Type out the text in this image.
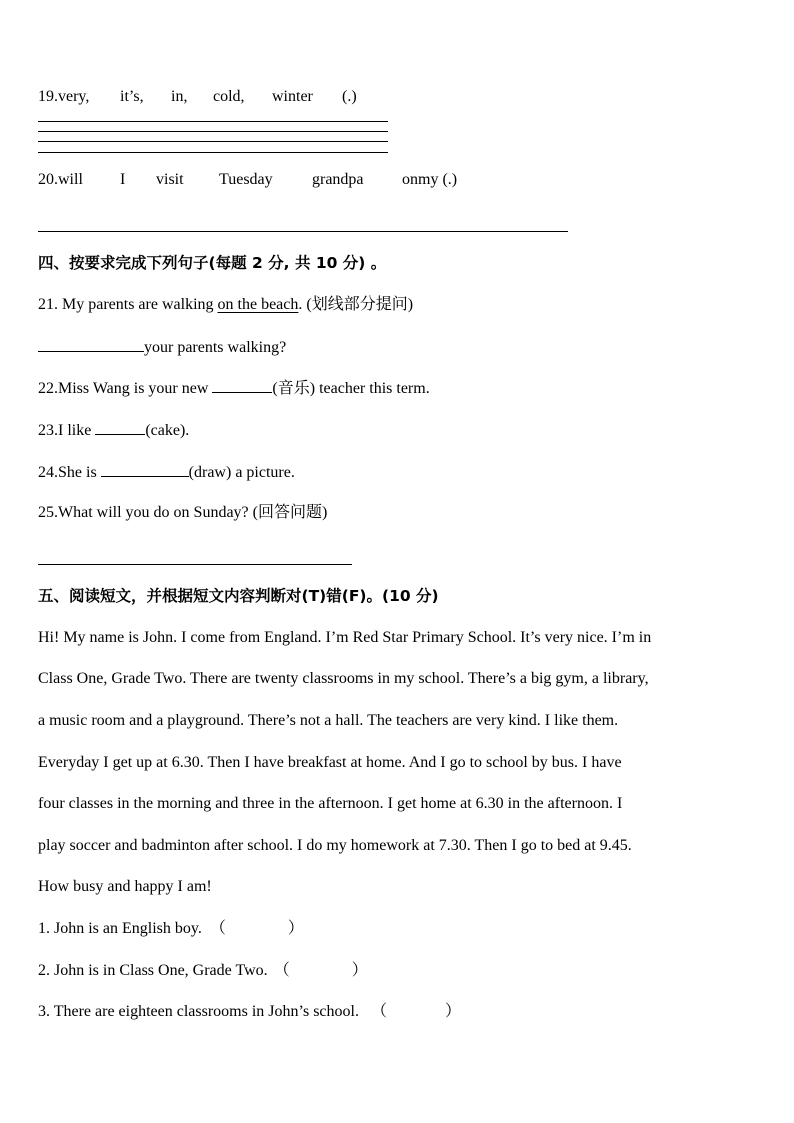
19.very, it’s, in, cold, winter (.)
20.will I visit Tuesday grandpa onmy (.)
四、按要求完成下列句子(每题 2 分, 共 10 分) 。
21. My parents are walking on the beach. (划线部分提问)
your parents walking?
22.Miss Wang is your new	(音乐) teacher this term.
23.I like	(cake).
24.She is	(draw) a picture.
25.What will you do on Sunday? (回答问题)
五、阅读短文，并根据短文内容判断对(T)错(F)。(10 分)
Hi! My name is John. I come from England. I’m Red Star Primary School. It’s very nice. I’m in
Class One, Grade Two. There are twenty classrooms in my school. There’s a big gym, a library,
a music room and a playground. There’s not a hall. The teachers are very kind. I like them.
Everyday I get up at 6.30. Then I have breakfast at home. And I go to school by bus. I have
four classes in the morning and three in the afternoon. I get home at 6.30 in the afternoon. I
play soccer and badminton after school. I do my homework at 7.30. Then I go to bed at 9.45.
How busy and happy I am!
1. John is an English boy. （	）
2. John is in Class One, Grade Two. （	）
3. There are eighteen classrooms in John’s school. （	）
